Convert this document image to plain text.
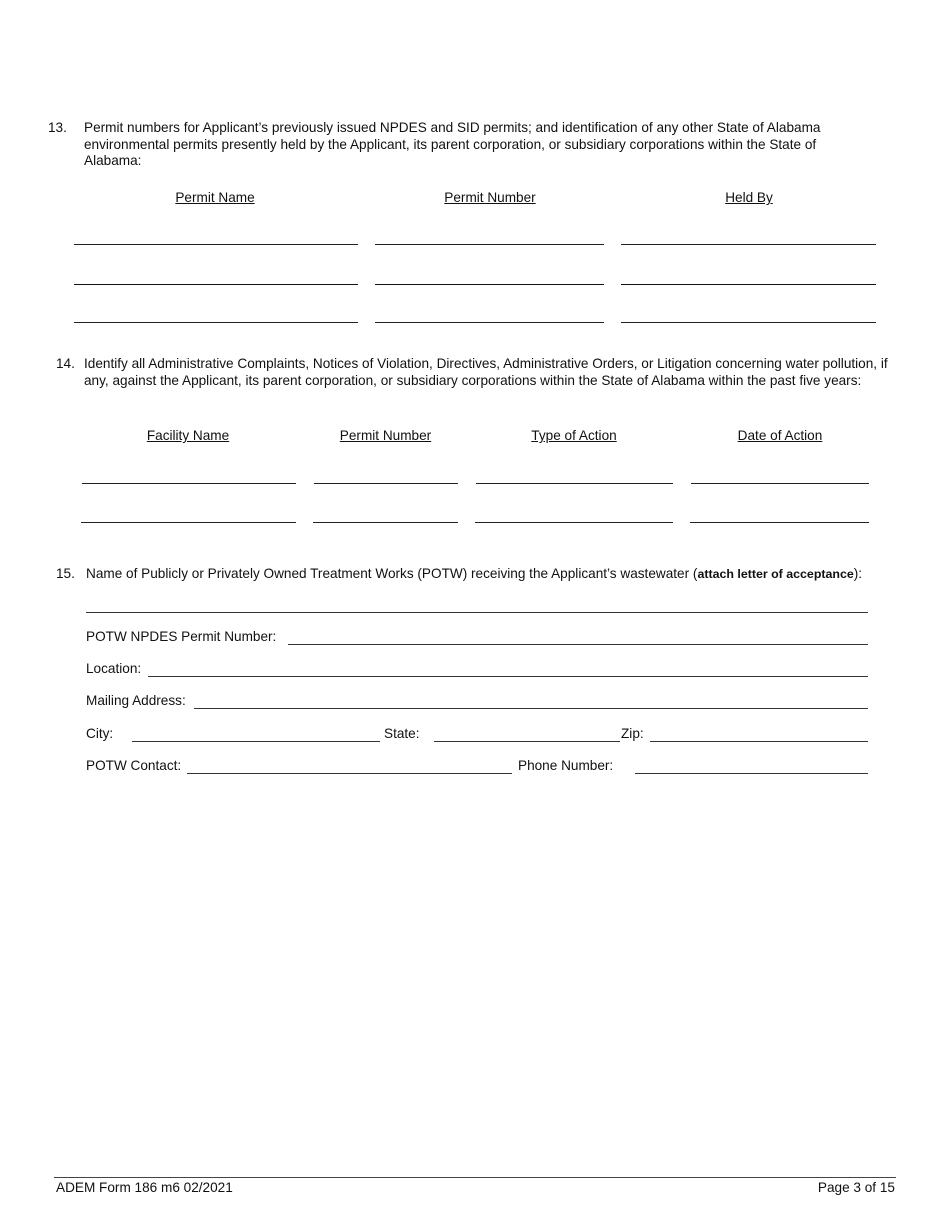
13. Permit numbers for Applicant’s previously issued NPDES and SID permits; and identification of any other State of Alabama environmental permits presently held by the Applicant, its parent corporation, or subsidiary corporations within the State of Alabama:
Permit Name	Permit Number	Held By
14. Identify all Administrative Complaints, Notices of Violation, Directives, Administrative Orders, or Litigation concerning water pollution, if any, against the Applicant, its parent corporation, or subsidiary corporations within the State of Alabama within the past five years:
Facility Name	Permit Number	Type of Action	Date of Action
15. Name of Publicly or Privately Owned Treatment Works (POTW) receiving the Applicant’s wastewater (attach letter of acceptance):
POTW NPDES Permit Number:
Location:
Mailing Address:
City:	State:	Zip:
POTW Contact:	Phone Number:
ADEM Form 186 m6 02/2021	Page 3 of 15
